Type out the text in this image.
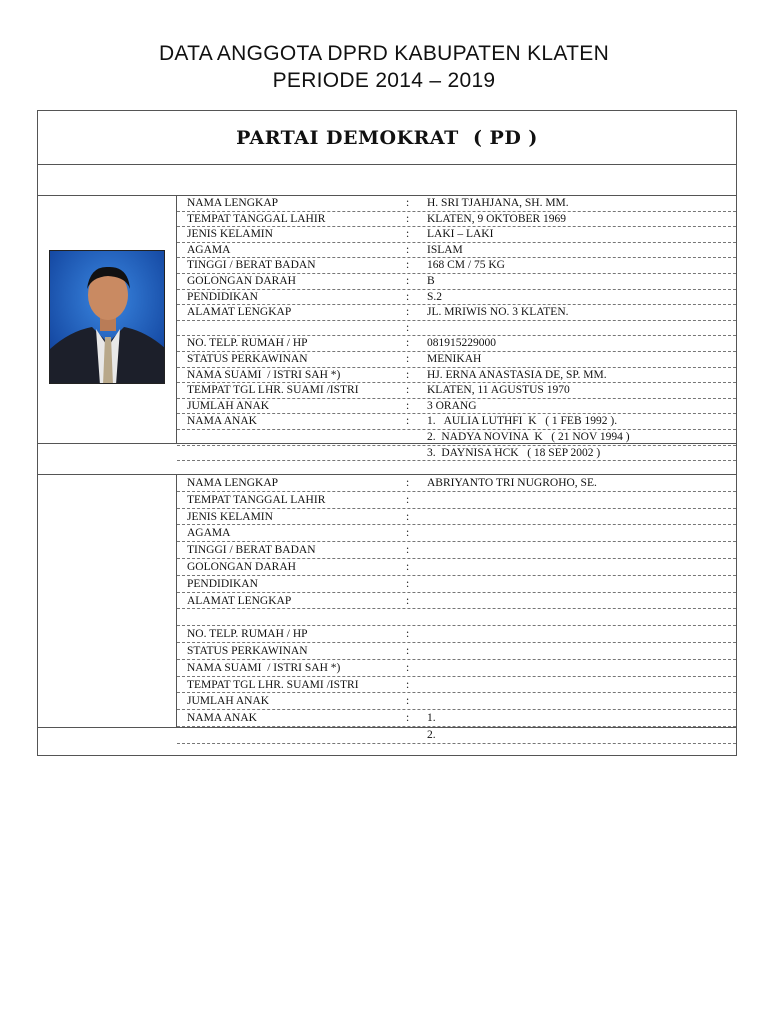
DATA ANGGOTA DPRD KABUPATEN KLATEN
PERIODE 2014 – 2019
PARTAI DEMOKRAT  ( PD )
NAMA LENGKAP	: H. SRI TJAHJANA, SH. MM.
TEMPAT TANGGAL LAHIR	: KLATEN, 9 OKTOBER 1969
JENIS KELAMIN	: LAKI – LAKI
AGAMA	: ISLAM
TINGGI / BERAT BADAN	: 168 CM / 75 KG
GOLONGAN DARAH	: B
PENDIDIKAN	: S.2
ALAMAT LENGKAP	: JL. MRIWIS NO. 3 KLATEN.
:
NO. TELP. RUMAH / HP	: 081915229000
STATUS PERKAWINAN	: MENIKAH
NAMA SUAMI  / ISTRI SAH *)	: HJ. ERNA ANASTASIA DE, SP. MM.
TEMPAT TGL LHR. SUAMI /ISTRI	: KLATEN, 11 AGUSTUS 1970
JUMLAH ANAK	: 3 ORANG
NAMA ANAK	: 1.   AULIA LUTHFI  K   ( 1 FEB 1992 ).
2.  NADYA NOVINA  K   ( 21 NOV 1994 )
3.  DAYNISA HCK   ( 18 SEP 2002 )
NAMA LENGKAP	: ABRIYANTO TRI NUGROHO, SE.
TEMPAT TANGGAL LAHIR	:
JENIS KELAMIN	:
AGAMA	:
TINGGI / BERAT BADAN	:
GOLONGAN DARAH	:
PENDIDIKAN	:
ALAMAT LENGKAP	:
NO. TELP. RUMAH / HP	:
STATUS PERKAWINAN	:
NAMA SUAMI  / ISTRI SAH *)	:
TEMPAT TGL LHR. SUAMI /ISTRI	:
JUMLAH ANAK	:
NAMA ANAK	: 1.
2.
